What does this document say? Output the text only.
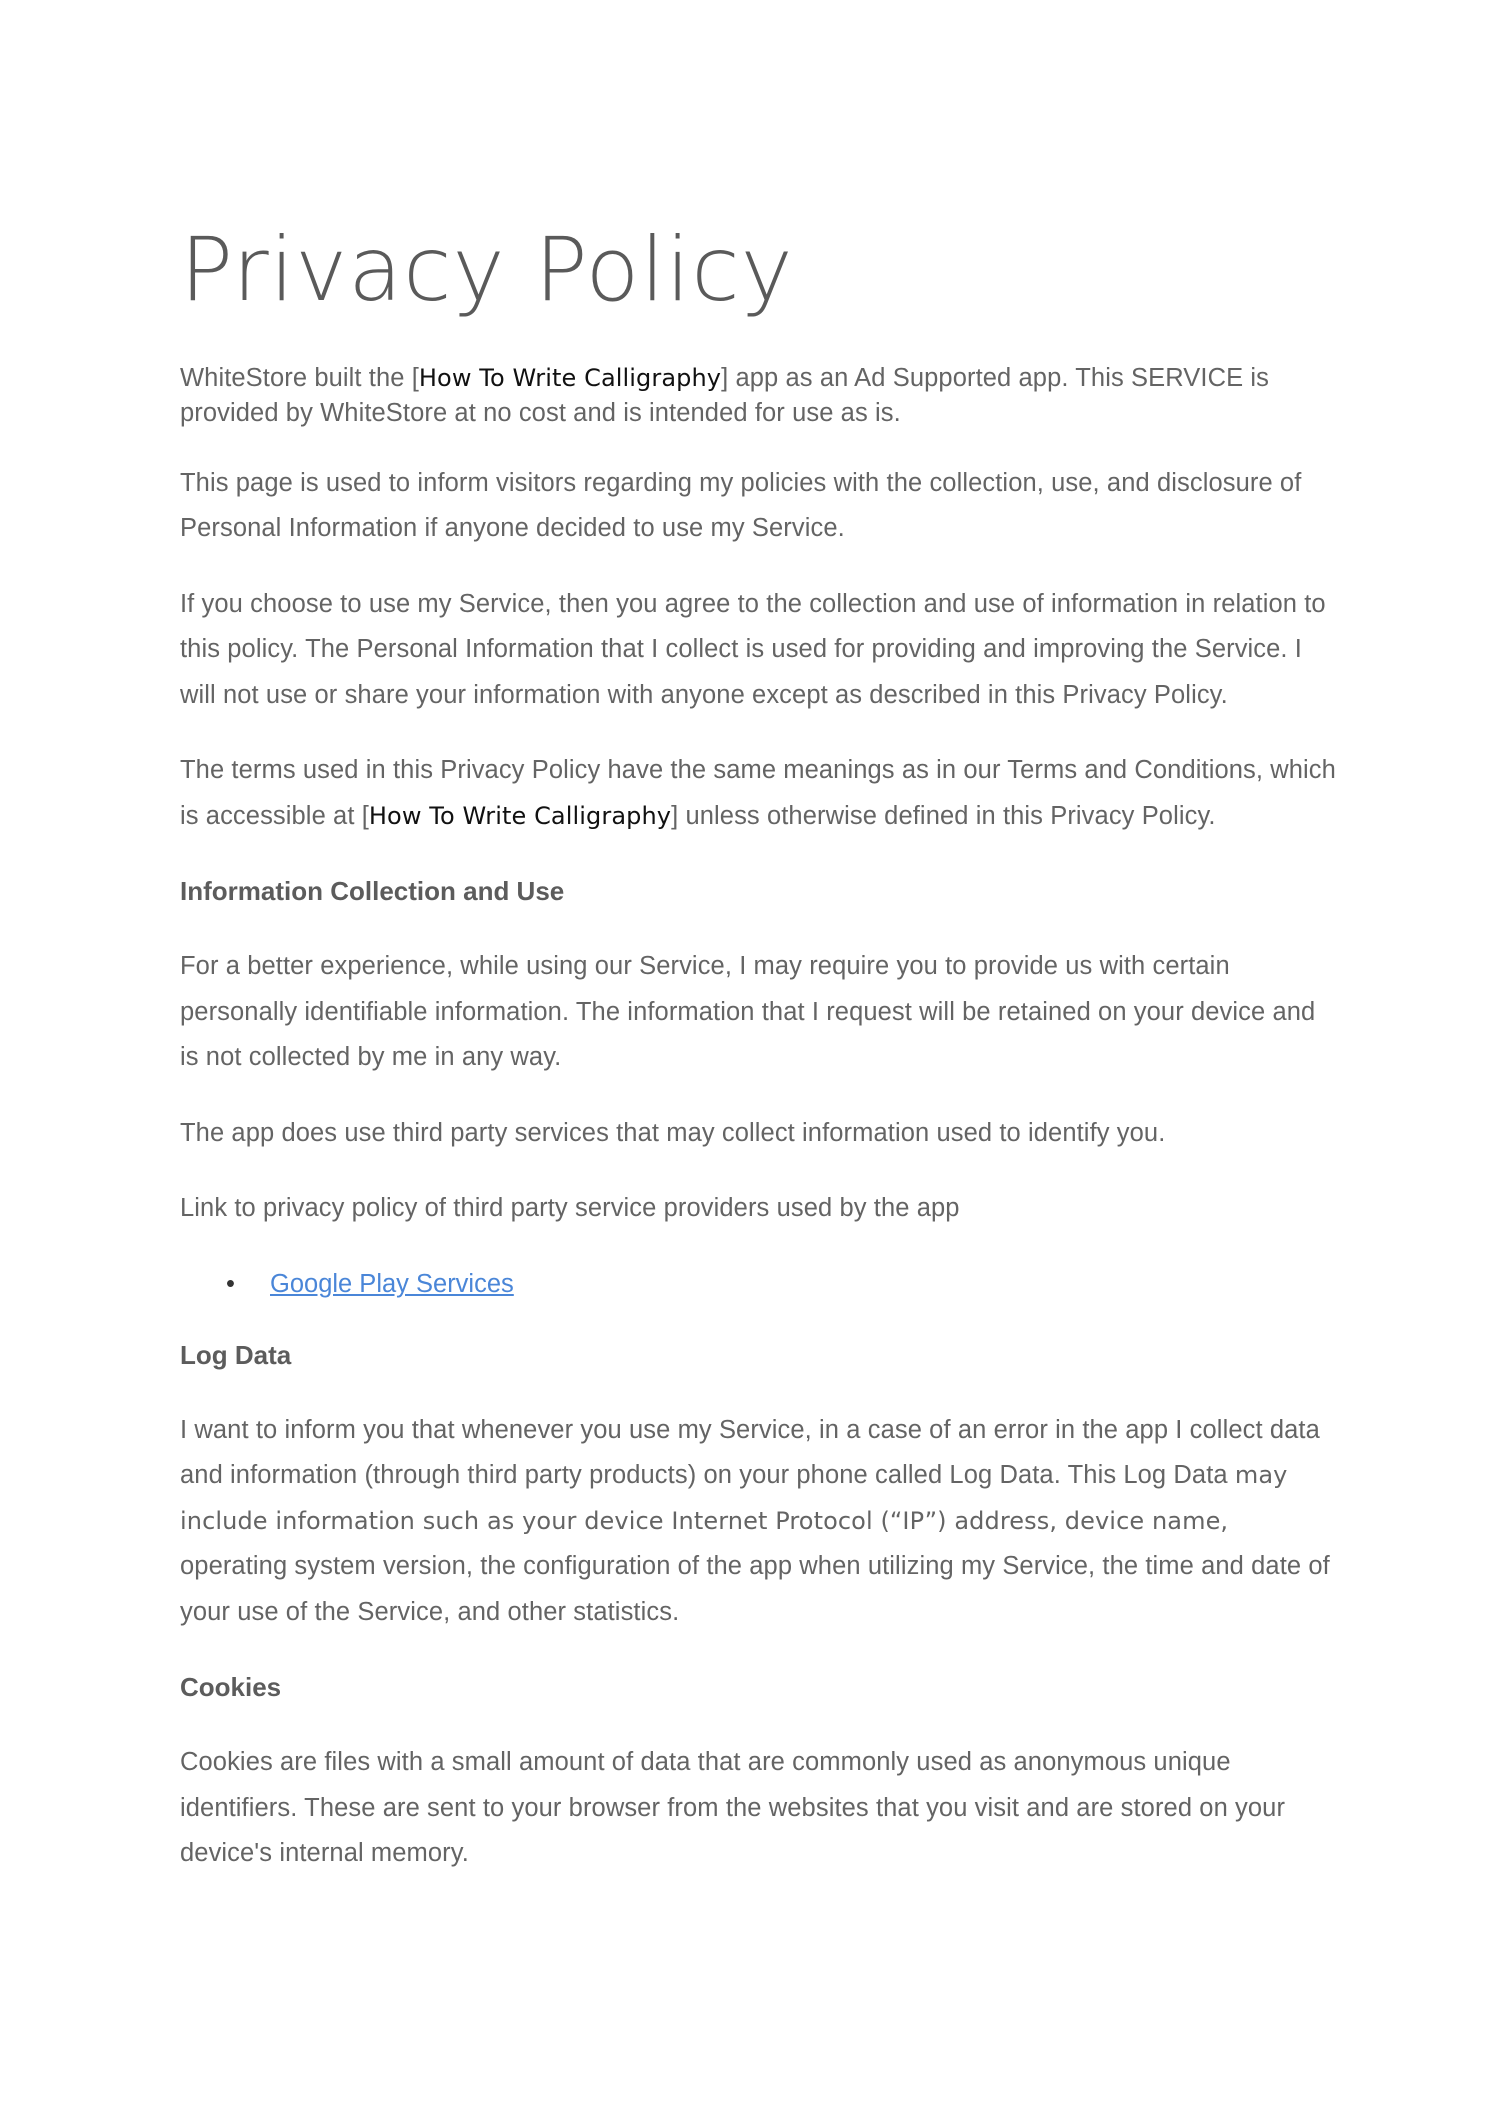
Privacy Policy

WhiteStore built the [How To Write Calligraphy] app as an Ad Supported app. This SERVICE is provided by WhiteStore at no cost and is intended for use as is.

This page is used to inform visitors regarding my policies with the collection, use, and disclosure of Personal Information if anyone decided to use my Service.

If you choose to use my Service, then you agree to the collection and use of information in relation to this policy. The Personal Information that I collect is used for providing and improving the Service. I will not use or share your information with anyone except as described in this Privacy Policy.

The terms used in this Privacy Policy have the same meanings as in our Terms and Conditions, which is accessible at [How To Write Calligraphy] unless otherwise defined in this Privacy Policy.

Information Collection and Use

For a better experience, while using our Service, I may require you to provide us with certain personally identifiable information. The information that I request will be retained on your device and is not collected by me in any way.

The app does use third party services that may collect information used to identify you.

Link to privacy policy of third party service providers used by the app

• Google Play Services
Log Data

I want to inform you that whenever you use my Service, in a case of an error in the app I collect data and information (through third party products) on your phone called Log Data. This Log Data may include information such as your device Internet Protocol (“IP”) address, device name, operating system version, the configuration of the app when utilizing my Service, the time and date of your use of the Service, and other statistics.

Cookies

Cookies are files with a small amount of data that are commonly used as anonymous unique identifiers. These are sent to your browser from the websites that you visit and are stored on your device's internal memory.
